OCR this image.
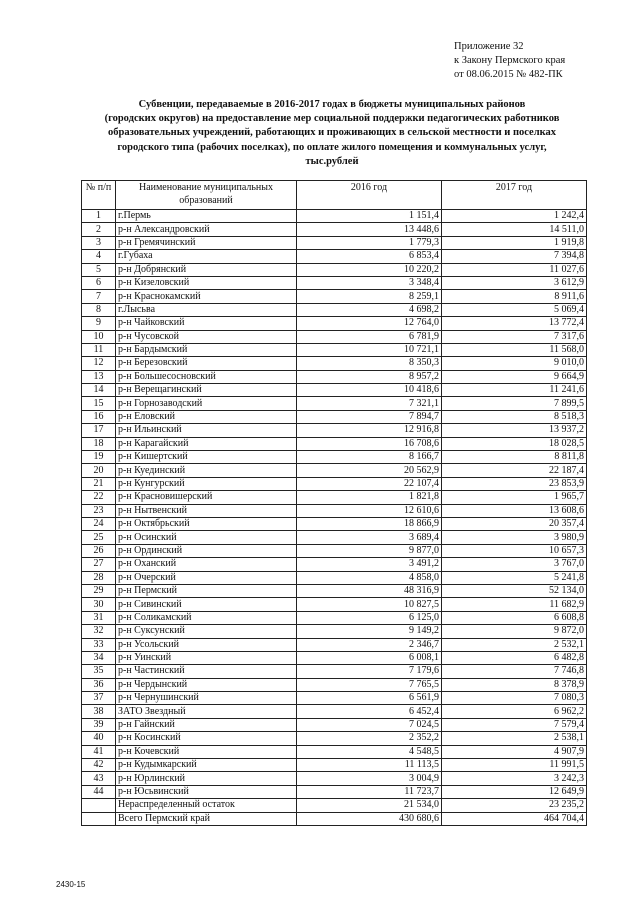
Приложение 32
к Закону Пермского края
от 08.06.2015 № 482-ПК
Субвенции, передаваемые в 2016-2017 годах в бюджеты муниципальных районов
(городских округов) на предоставление мер социальной поддержки педагогических работников
образовательных учреждений, работающих и проживающих в сельской местности и поселках
городского типа (рабочих поселках), по оплате жилого помещения и коммунальных услуг,
тыс.рублей
№ п/п	Наименование муниципальных образований	2016 год	2017 год
1	г.Пермь	1 151,4	1 242,4
2	р-н Александровский	13 448,6	14 511,0
3	р-н Гремячинский	1 779,3	1 919,8
4	г.Губаха	6 853,4	7 394,8
5	р-н Добрянский	10 220,2	11 027,6
6	р-н Кизеловский	3 348,4	3 612,9
7	р-н Краснокамский	8 259,1	8 911,6
8	г.Лысьва	4 698,2	5 069,4
9	р-н Чайковский	12 764,0	13 772,4
10	р-н Чусовской	6 781,9	7 317,6
11	р-н Бардымский	10 721,1	11 568,0
12	р-н Березовский	8 350,3	9 010,0
13	р-н Большесосновский	8 957,2	9 664,9
14	р-н Верещагинский	10 418,6	11 241,6
15	р-н Горнозаводский	7 321,1	7 899,5
16	р-н Еловский	7 894,7	8 518,3
17	р-н Ильинский	12 916,8	13 937,2
18	р-н Карагайский	16 708,6	18 028,5
19	р-н Кишертский	8 166,7	8 811,8
20	р-н Куединский	20 562,9	22 187,4
21	р-н Кунгурский	22 107,4	23 853,9
22	р-н Красновишерский	1 821,8	1 965,7
23	р-н Нытвенский	12 610,6	13 608,6
24	р-н Октябрьский	18 866,9	20 357,4
25	р-н Осинский	3 689,4	3 980,9
26	р-н Ординский	9 877,0	10 657,3
27	р-н Оханский	3 491,2	3 767,0
28	р-н Очерский	4 858,0	5 241,8
29	р-н Пермский	48 316,9	52 134,0
30	р-н Сивинский	10 827,5	11 682,9
31	р-н Соликамский	6 125,0	6 608,8
32	р-н Суксунский	9 149,2	9 872,0
33	р-н Усольский	2 346,7	2 532,1
34	р-н Уинский	6 008,1	6 482,8
35	р-н Частинский	7 179,6	7 746,8
36	р-н Чердынский	7 765,5	8 378,9
37	р-н Чернушинский	6 561,9	7 080,3
38	ЗАТО Звездный	6 452,4	6 962,2
39	р-н Гайнский	7 024,5	7 579,4
40	р-н Косинский	2 352,2	2 538,1
41	р-н Кочевский	4 548,5	4 907,9
42	р-н Кудымкарский	11 113,5	11 991,5
43	р-н Юрлинский	3 004,9	3 242,3
44	р-н Юсьвинский	11 723,7	12 649,9
	Нераспределенный остаток	21 534,0	23 235,2
	Всего Пермский край	430 680,6	464 704,4
2430-15
